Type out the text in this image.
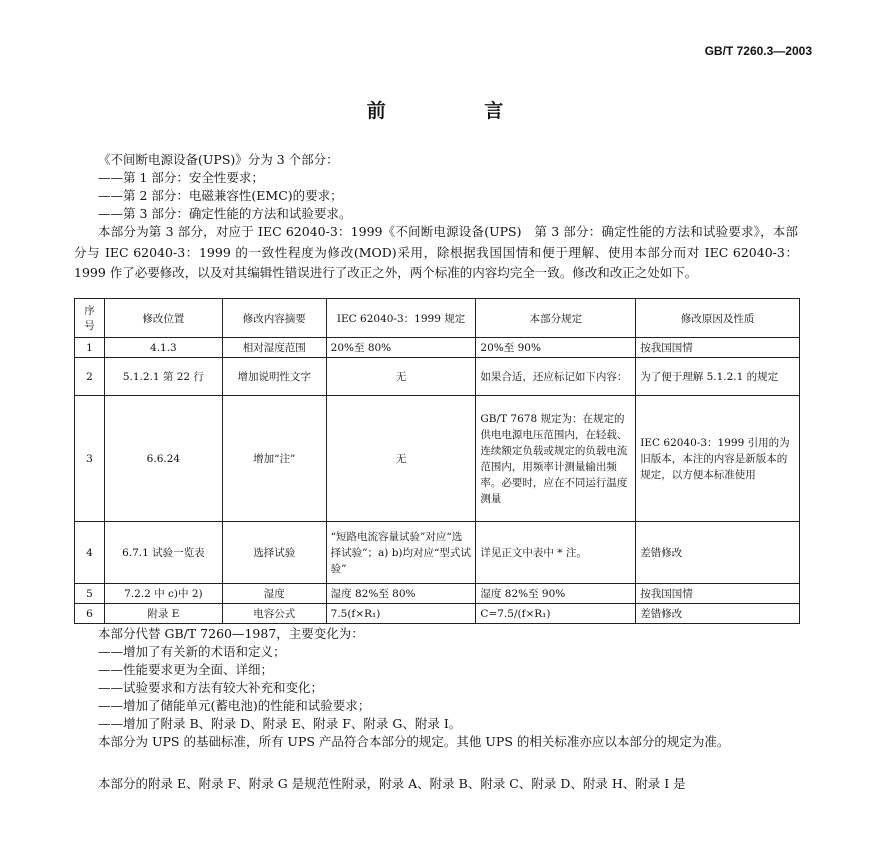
GB/T 7260.3—2003
前 言
《不间断电源设备(UPS)》分为 3 个部分：
——第 1 部分：安全性要求；
——第 2 部分：电磁兼容性(EMC)的要求；
——第 3 部分：确定性能的方法和试验要求。
本部分为第 3 部分，对应于 IEC 62040-3：1999《不间断电源设备(UPS)　第 3 部分：确定性能的方法和试验要求》，本部分与 IEC 62040-3：1999 的一致性程度为修改(MOD)采用，除根据我国国情和便于理解、使用本部分而对 IEC 62040-3：1999 作了必要修改，以及对其编辑性错误进行了改正之外，两个标准的内容均完全一致。修改和改正之处如下。
序号	修改位置	修改内容摘要	IEC 62040-3：1999 规定	本部分规定	修改原因及性质
1	4.1.3	相对湿度范围	20%至 80%	20%至 90%	按我国国情
2	5.1.2.1 第 22 行	增加说明性文字	无	如果合适，还应标记如下内容：	为了便于理解 5.1.2.1 的规定
3	6.6.24	增加“注”	无	GB/T 7678 规定为：在规定的供电电源电压范围内，在轻载、连续额定负载或规定的负载电流范围内，用频率计测量输出频率。必要时，应在不同运行温度测量	IEC 62040-3：1999 引用的为旧版本，本注的内容是新版本的规定，以方便本标准使用
4	6.7.1 试验一览表	选择试验	“短路电流容量试验”对应“选择试验”；a) b)均对应“型式试验”	详见正文中表中 * 注。	差错修改
5	7.2.2 中 c)中 2)	湿度	湿度 82%至 80%	湿度 82%至 90%	按我国国情
6	附录 E	电容公式	7.5(f×R₁)	C=7.5/(f×R₁)	差错修改
本部分代替 GB/T 7260—1987，主要变化为：
——增加了有关新的术语和定义；
——性能要求更为全面、详细；
——试验要求和方法有较大补充和变化；
——增加了储能单元(蓄电池)的性能和试验要求；
——增加了附录 B、附录 D、附录 E、附录 F、附录 G、附录 I。
本部分为 UPS 的基础标准，所有 UPS 产品符合本部分的规定。其他 UPS 的相关标准亦应以本部分的规定为准。
本部分的附录 E、附录 F、附录 G 是规范性附录，附录 A、附录 B、附录 C、附录 D、附录 H、附录 I 是
